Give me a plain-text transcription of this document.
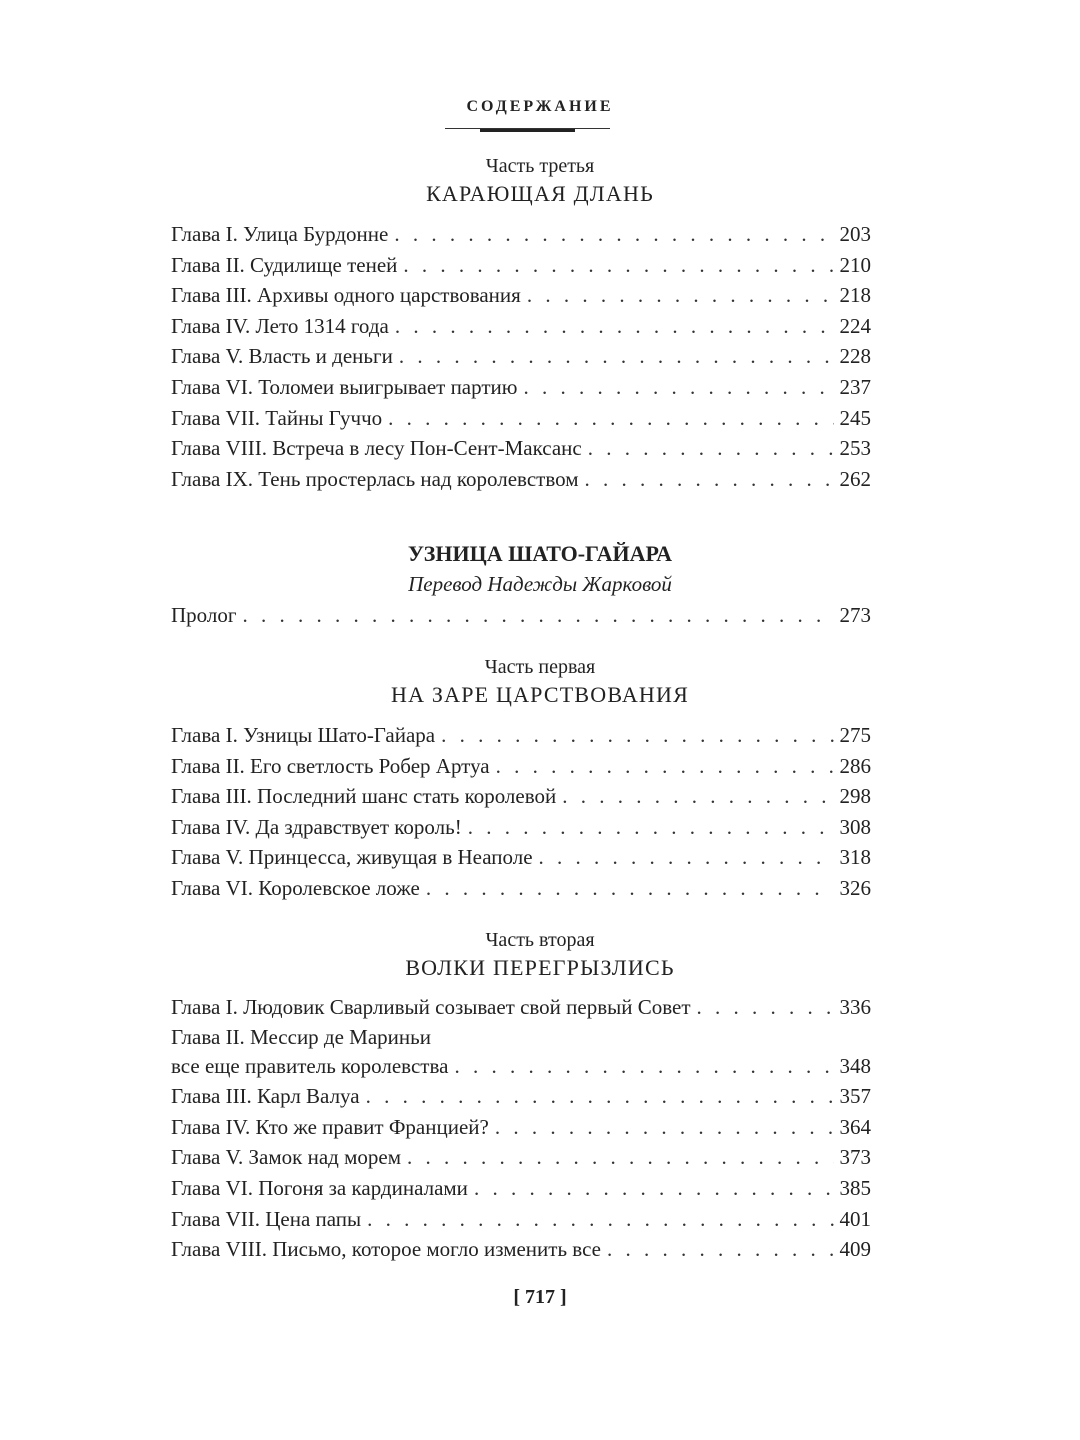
СОДЕРЖАНИЕ
Часть третья
КАРАЮЩАЯ ДЛАНЬ
Глава I. Улица Бурдонне . . .	203
Глава II. Судилище теней . . .	210
Глава III. Архивы одного царствования . . .	218
Глава IV. Лето 1314 года . . .	224
Глава V. Власть и деньги . . .	228
Глава VI. Толомеи выигрывает партию . . .	237
Глава VII. Тайны Гуччо . . .	245
Глава VIII. Встреча в лесу Пон-Сент-Максанс . . .	253
Глава IX. Тень простерлась над королевством . . .	262
УЗНИЦА ШАТО-ГАЙАРА
Перевод Надежды Жарковой
Пролог . . .	273
Часть первая
НА ЗАРЕ ЦАРСТВОВАНИЯ
Глава I. Узницы Шато-Гайара . . .	275
Глава II. Его светлость Робер Артуа . . .	286
Глава III. Последний шанс стать королевой . . .	298
Глава IV. Да здравствует король! . . .	308
Глава V. Принцесса, живущая в Неаполе . . .	318
Глава VI. Королевское ложе . . .	326
Часть вторая
ВОЛКИ ПЕРЕГРЫЗЛИСЬ
Глава I. Людовик Сварливый созывает свой первый Совет . . .	336
Глава II. Мессир де Мариньи
все еще правитель королевства . . .	348
Глава III. Карл Валуа . . .	357
Глава IV. Кто же правит Францией? . . .	364
Глава V. Замок над морем . . .	373
Глава VI. Погоня за кардиналами . . .	385
Глава VII. Цена папы . . .	401
Глава VIII. Письмо, которое могло изменить все . . .	409
[ 717 ]
